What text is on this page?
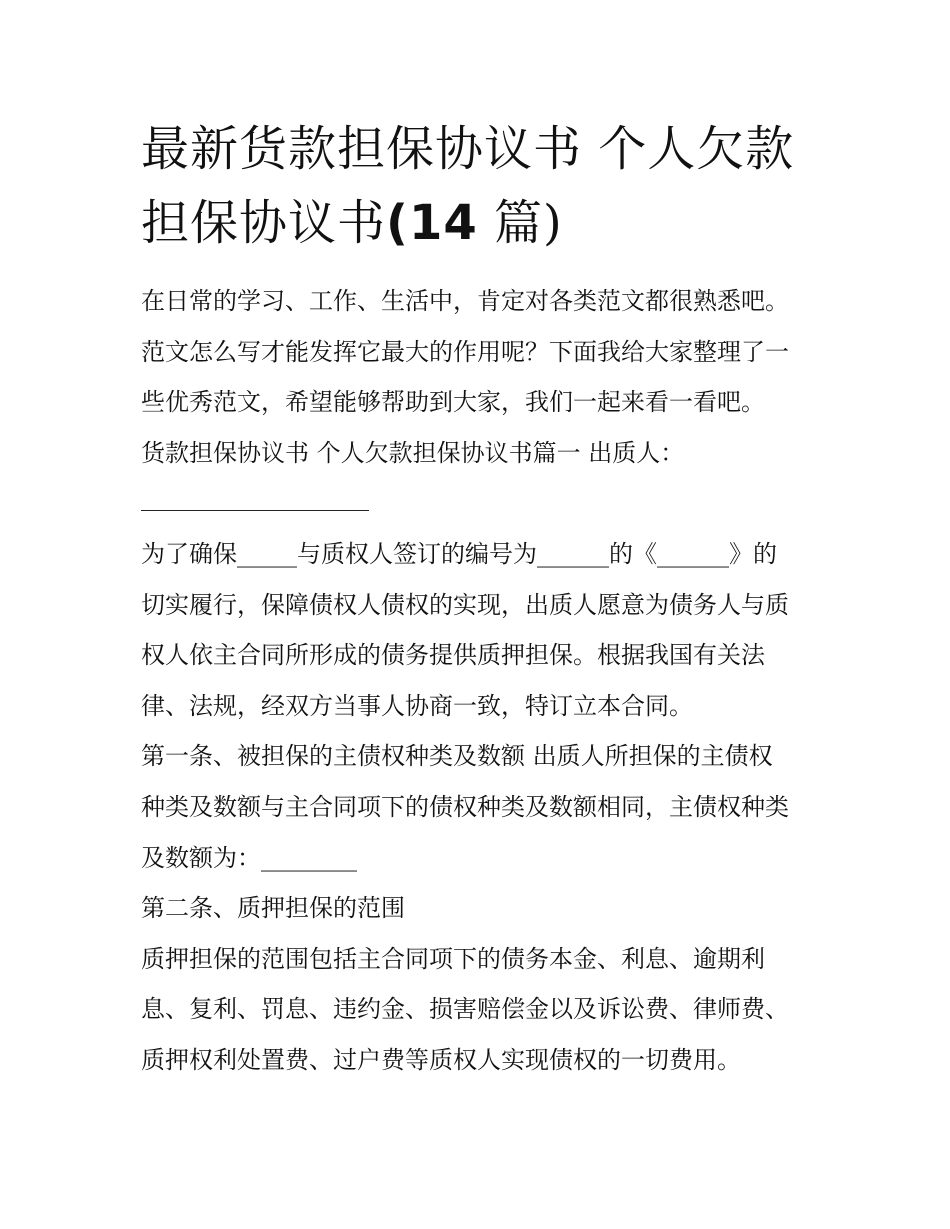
最新货款担保协议书 个人欠款
担保协议书(14 篇)
在日常的学习、工作、生活中，肯定对各类范文都很熟悉吧。
范文怎么写才能发挥它最大的作用呢？下面我给大家整理了一
些优秀范文，希望能够帮助到大家，我们一起来看一看吧。
货款担保协议书 个人欠款担保协议书篇一 出质人：
为了确保_____与质权人签订的编号为______的《______》的
切实履行，保障债权人债权的实现，出质人愿意为债务人与质
权人依主合同所形成的债务提供质押担保。根据我国有关法
律、法规，经双方当事人协商一致，特订立本合同。
第一条、被担保的主债权种类及数额 出质人所担保的主债权
种类及数额与主合同项下的债权种类及数额相同，主债权种类
及数额为：________
第二条、质押担保的范围
质押担保的范围包括主合同项下的债务本金、利息、逾期利
息、复利、罚息、违约金、损害赔偿金以及诉讼费、律师费、
质押权利处置费、过户费等质权人实现债权的一切费用。
